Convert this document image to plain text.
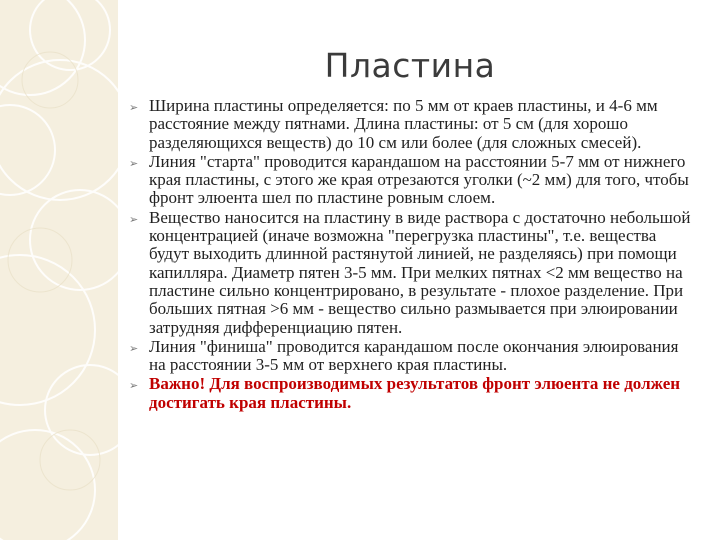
Пластина
➢ Ширина пластины определяется: по 5 мм от краев пластины, и 4-6 мм расстояние между пятнами. Длина пластины: от 5 см (для хорошо разделяющихся веществ) до 10 см или более (для сложных смесей).
➢ Линия "старта" проводится карандашом на расстоянии 5-7 мм от нижнего края пластины, с этого же края отрезаются уголки (~2 мм) для того, чтобы фронт элюента шел по пластине ровным слоем.
➢ Вещество наносится на пластину в виде раствора с достаточно небольшой концентрацией (иначе возможна "перегрузка пластины", т.е. вещества будут выходить длинной растянутой линией, не разделяясь) при помощи капилляра. Диаметр пятен 3-5 мм. При мелких пятнах <2 мм вещество на пластине сильно концентрировано, в результате - плохое разделение. При больших пятная >6 мм - вещество сильно размывается при элюировании затрудняя дифференциацию пятен.
➢ Линия "финиша" проводится карандашом после окончания элюирования на расстоянии 3-5 мм от верхнего края пластины.
➢ Важно! Для воспроизводимых результатов фронт элюента не должен достигать края пластины.
